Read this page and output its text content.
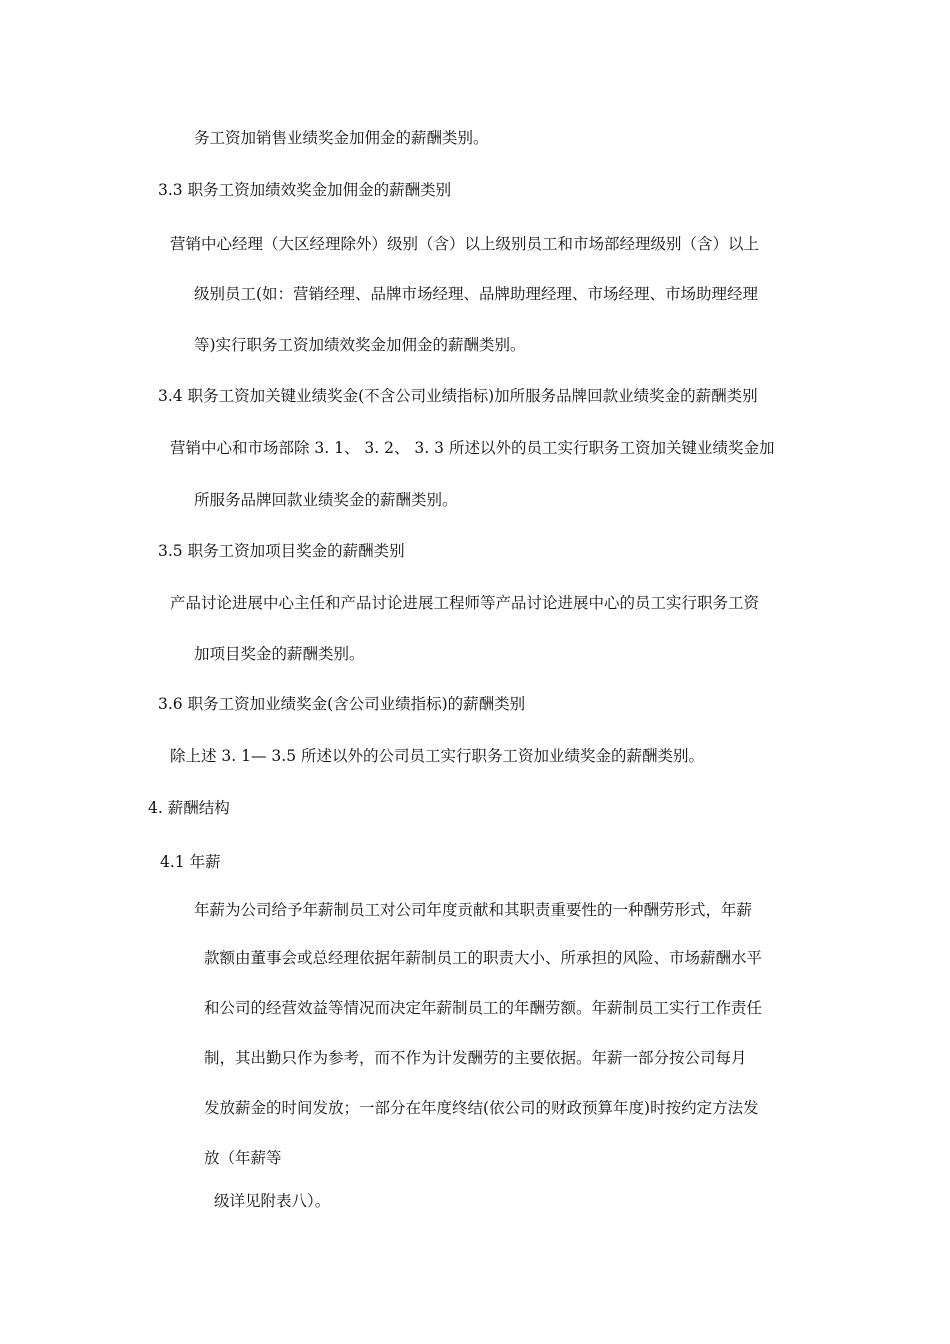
务工资加销售业绩奖金加佣金的薪酬类别。
3.3 职务工资加绩效奖金加佣金的薪酬类别
营销中心经理（大区经理除外）级别（含）以上级别员工和市场部经理级别（含）以上
级别员工(如：营销经理、品牌市场经理、品牌助理经理、市场经理、市场助理经理
等)实行职务工资加绩效奖金加佣金的薪酬类别。
3.4 职务工资加关键业绩奖金(不含公司业绩指标)加所服务品牌回款业绩奖金的薪酬类别
营销中心和市场部除 3. 1、 3. 2、 3. 3 所述以外的员工实行职务工资加关键业绩奖金加
所服务品牌回款业绩奖金的薪酬类别。
3.5 职务工资加项目奖金的薪酬类别
产品讨论进展中心主任和产品讨论进展工程师等产品讨论进展中心的员工实行职务工资
加项目奖金的薪酬类别。
3.6 职务工资加业绩奖金(含公司业绩指标)的薪酬类别
除上述 3. 1— 3.5 所述以外的公司员工实行职务工资加业绩奖金的薪酬类别。
4. 薪酬结构
4.1 年薪
年薪为公司给予年薪制员工对公司年度贡献和其职责重要性的一种酬劳形式，年薪
款额由董事会或总经理依据年薪制员工的职责大小、所承担的风险、市场薪酬水平
和公司的经营效益等情况而决定年薪制员工的年酬劳额。年薪制员工实行工作责任
制，其出勤只作为参考，而不作为计发酬劳的主要依据。年薪一部分按公司每月
发放薪金的时间发放；一部分在年度终结(依公司的财政预算年度)时按约定方法发
放（年薪等
级详见附表八）。
